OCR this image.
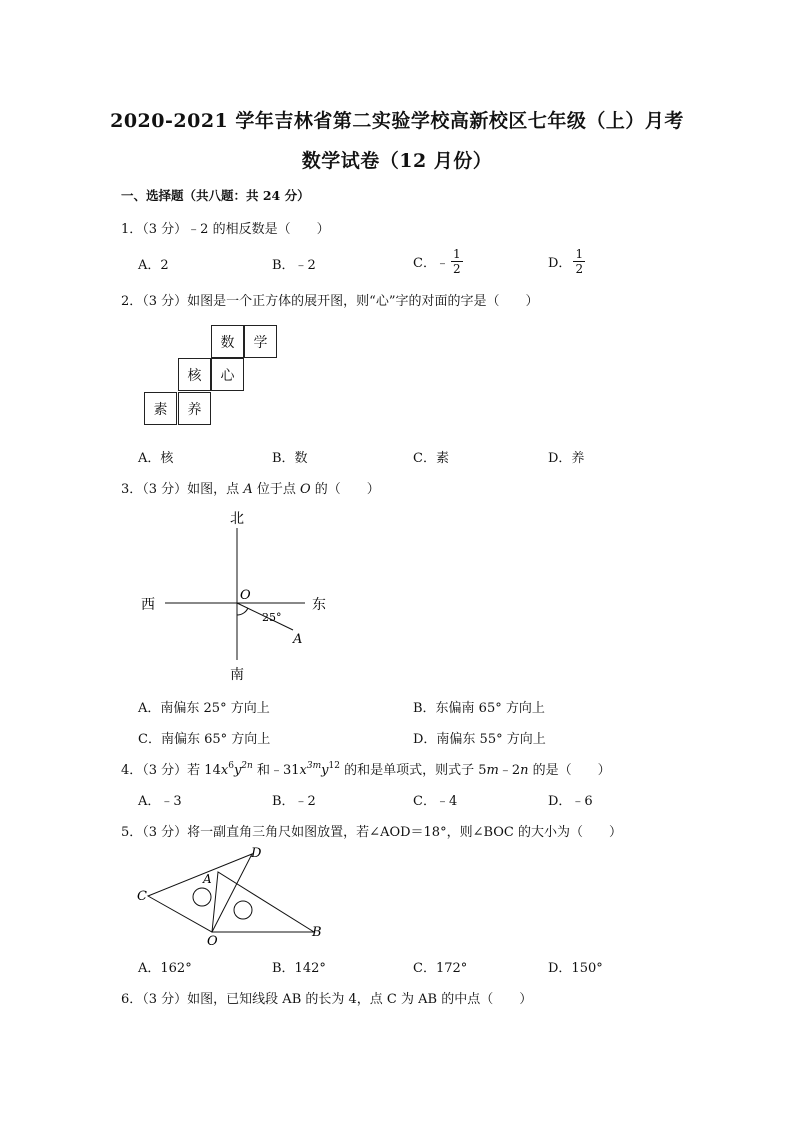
2020-2021 学年吉林省第二实验学校高新校区七年级（上）月考
数学试卷（12 月份）
一、选择题（共八题：共 24 分）
1．（3 分）﹣2 的相反数是（　　）
A．2	B．﹣2	C．﹣ $\frac{1}{2}$	D． $\frac{1}{2}$
2．（3 分）如图是一个正方体的展开图，则“心”字的对面的字是（　　）
数	学
核	心
素	养
A．核	B．数	C．素	D．养
3．（3 分）如图，点 A 位于点 O 的（　　）
北
南
西	东
O
A
25°
A．南偏东 25° 方向上	B．东偏南 65° 方向上
C．南偏东 65° 方向上	D．南偏东 55° 方向上
4．（3 分）若 $14x^6y^{2n}$ 和$﹣31x^{3m}y^{12}$ 的和是单项式，则式子 5m﹣2n 的是（　　）
A．﹣3	B．﹣2	C．﹣4	D．﹣6
5．（3 分）将一副直角三角尺如图放置，若∠AOD＝18°，则∠BOC 的大小为（　　）
C
D
A
O
B
A．162°	B．142°	C．172°	D．150°
6．（3 分）如图，已知线段 AB 的长为 4，点 C 为 AB 的中点（　　）
